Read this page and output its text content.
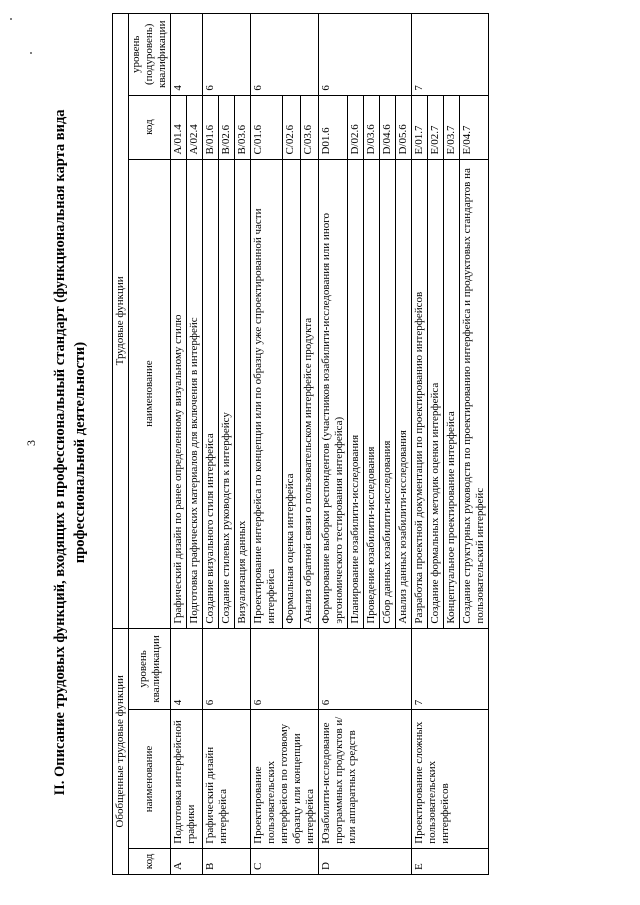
3 II. Описание трудовых функций, входящих в профессиональный стандарт (функциональная карта вида профессиональной деятельности)
Обобщенные трудовые функции			Трудовые функции		
код	наименование	уровень квалификации	наименование	код	уровень (подуровень) квалификации
A	Подготовка интерфейсной графики	4	Графический дизайн по ранее определенному визуальному стилю	A/01.4	4
			Подготовка графических материалов для включения в интерфейс	A/02.4	
B	Графический дизайн интерфейса	6	Создание визуального стиля интерфейса	B/01.6	6
			Создание стилевых руководств к интерфейсу	B/02.6	
			Визуализация данных	B/03.6	
C	Проектирование пользовательских интерфейсов по готовому образцу или концепции интерфейса	6	Проектирование интерфейса по концепции или по образцу уже спроектированной части интерфейса	C/01.6	6
			Формальная оценка интерфейса	C/02.6	
			Анализ обратной связи о пользовательском интерфейсе продукта	C/03.6	
D	Юзабилити-исследование программных продуктов и/или аппаратных средств	6	Формирование выборки респондентов (участников юзабилити-исследования или иного эргономического тестирования интерфейса)	D01.6	6
			Планирование юзабилити-исследования	D/02.6	
			Проведение юзабилити-исследования	D/03.6	
			Сбор данных юзабилити-исследования	D/04.6	
			Анализ данных юзабилити-исследования	D/05.6	
E	Проектирование сложных пользовательских интерфейсов	7	Разработка проектной документации по проектированию интерфейсов	E/01.7	7
			Создание формальных методик оценки интерфейса	E/02.7	
			Концептуальное проектирование интерфейса	E/03.7	
			Создание структурных руководств по проектированию интерфейса и продуктовых стандартов на пользовательский интерфейс	E/04.7	
